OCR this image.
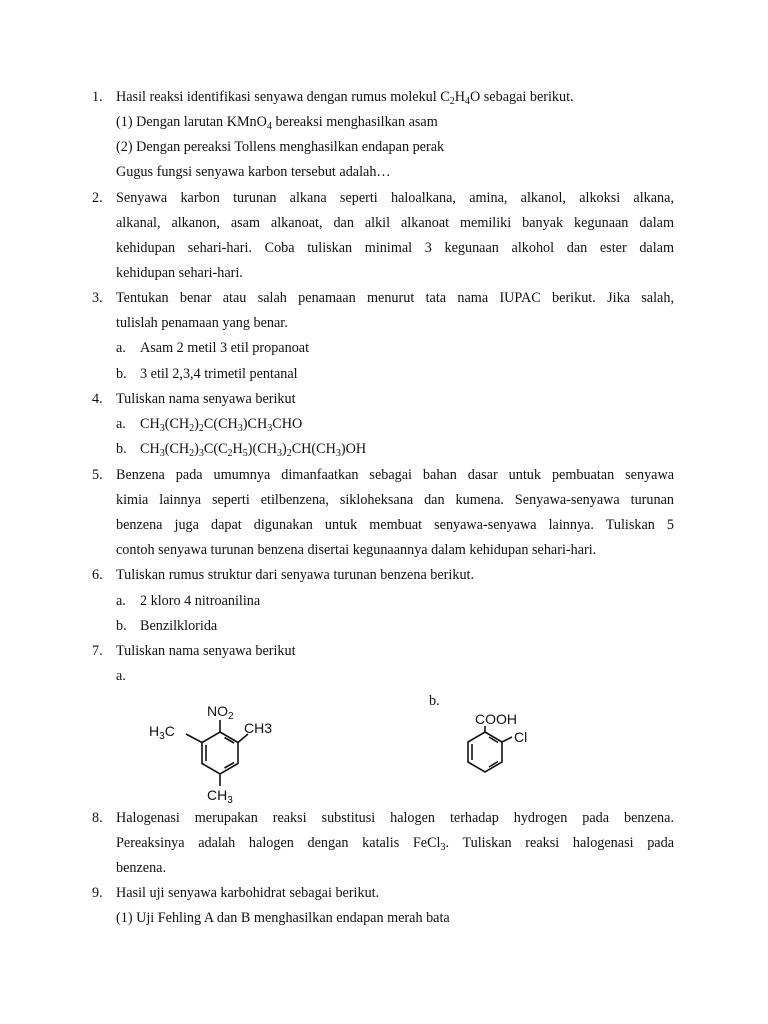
1. Hasil reaksi identifikasi senyawa dengan rumus molekul $C_2H_4O$ sebagai berikut.
(1) Dengan larutan KMnO$_4$ bereaksi menghasilkan asam
(2) Dengan pereaksi Tollens menghasilkan endapan perak
Gugus fungsi senyawa karbon tersebut adalah…
2. Senyawa karbon turunan alkana seperti haloalkana, amina, alkanol, alkoksi alkana,
alkanal, alkanon, asam alkanoat, dan alkil alkanoat memiliki banyak kegunaan dalam
kehidupan sehari-hari. Coba tuliskan minimal 3 kegunaan alkohol dan ester dalam
kehidupan sehari-hari.
3. Tentukan benar atau salah penamaan menurut tata nama IUPAC berikut. Jika salah,
tulislah penamaan yang benar.
a. Asam 2 metil 3 etil propanoat
b. 3 etil 2,3,4 trimetil pentanal
4. Tuliskan nama senyawa berikut
a. $CH_3(CH_2)_2C(CH_3)CH_3CHO$
b. $CH_3(CH_2)_3C(C_2H_5)(CH_3)_2CH(CH_3)OH$
5. Benzena pada umumnya dimanfaatkan sebagai bahan dasar untuk pembuatan senyawa
kimia lainnya seperti etilbenzena, sikloheksana dan kumena. Senyawa-senyawa turunan
benzena juga dapat digunakan untuk membuat senyawa-senyawa lainnya. Tuliskan 5
contoh senyawa turunan benzena disertai kegunaannya dalam kehidupan sehari-hari.
6. Tuliskan rumus struktur dari senyawa turunan benzena berikut.
a. 2 kloro 4 nitroanilina
b. Benzilklorida
7. Tuliskan nama senyawa berikut
a.
b.
$NO_2$
$H_3C$	CH3
$CH_3$
COOH
Cl
8. Halogenasi merupakan reaksi substitusi halogen terhadap hydrogen pada benzena.
Pereaksinya adalah halogen dengan katalis FeCl$_3$. Tuliskan reaksi halogenasi pada
benzena.
9. Hasil uji senyawa karbohidrat sebagai berikut.
(1) Uji Fehling A dan B menghasilkan endapan merah bata
